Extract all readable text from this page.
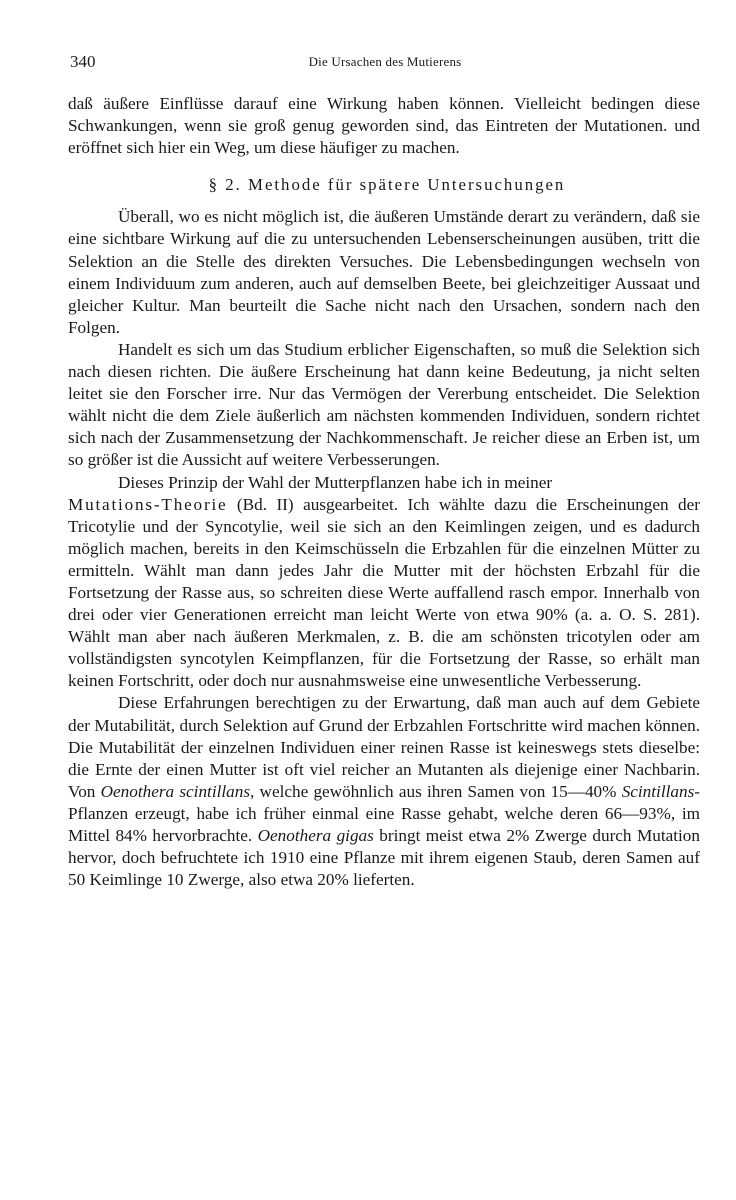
340	Die Ursachen des Mutierens

daß äußere Einflüsse darauf eine Wirkung haben können. Vielleicht bedingen diese Schwankungen, wenn sie groß genug geworden sind, das Eintreten der Mutationen. und eröffnet sich hier ein Weg, um diese häufiger zu machen.

§ 2. Methode für spätere Untersuchungen

Überall, wo es nicht möglich ist, die äußeren Umstände derart zu verändern, daß sie eine sichtbare Wirkung auf die zu untersuchenden Lebenserscheinungen ausüben, tritt die Selektion an die Stelle des direkten Versuches. Die Lebensbedingungen wechseln von einem Individuum zum anderen, auch auf demselben Beete, bei gleichzeitiger Aussaat und gleicher Kultur. Man beurteilt die Sache nicht nach den Ursachen, sondern nach den Folgen.

Handelt es sich um das Studium erblicher Eigenschaften, so muß die Selektion sich nach diesen richten. Die äußere Erscheinung hat dann keine Bedeutung, ja nicht selten leitet sie den Forscher irre. Nur das Vermögen der Vererbung entscheidet. Die Selektion wählt nicht die dem Ziele äußerlich am nächsten kommenden Individuen, sondern richtet sich nach der Zusammensetzung der Nachkommenschaft. Je reicher diese an Erben ist, um so größer ist die Aussicht auf weitere Verbesserungen.

Dieses Prinzip der Wahl der Mutterpflanzen habe ich in meiner
Mutations-Theorie (Bd. II) ausgearbeitet. Ich wählte dazu die Erscheinungen der Tricotylie und der Syncotylie, weil sie sich an den Keimlingen zeigen, und es dadurch möglich machen, bereits in den Keimschüsseln die Erbzahlen für die einzelnen Mütter zu ermitteln. Wählt man dann jedes Jahr die Mutter mit der höchsten Erbzahl für die Fortsetzung der Rasse aus, so schreiten diese Werte auffallend rasch empor. Innerhalb von drei oder vier Generationen erreicht man leicht Werte von etwa 90% (a. a. O. S. 281). Wählt man aber nach äußeren Merkmalen, z. B. die am schönsten tricotylen oder am vollständigsten syncotylen Keimpflanzen, für die Fortsetzung der Rasse, so erhält man keinen Fortschritt, oder doch nur ausnahmsweise eine unwesentliche Verbesserung.

Diese Erfahrungen berechtigen zu der Erwartung, daß man auch auf dem Gebiete der Mutabilität, durch Selektion auf Grund der Erbzahlen Fortschritte wird machen können. Die Mutabilität der einzelnen Individuen einer reinen Rasse ist keineswegs stets dieselbe: die Ernte der einen Mutter ist oft viel reicher an Mutanten als diejenige einer Nachbarin. Von Oenothera scintillans, welche gewöhnlich aus ihren Samen von 15—40% Scintillans-Pflanzen erzeugt, habe ich früher einmal eine Rasse gehabt, welche deren 66—93%, im Mittel 84% hervorbrachte. Oenothera gigas bringt meist etwa 2% Zwerge durch Mutation hervor, doch befruchtete ich 1910 eine Pflanze mit ihrem eigenen Staub, deren Samen auf 50 Keimlinge 10 Zwerge, also etwa 20% lieferten.
